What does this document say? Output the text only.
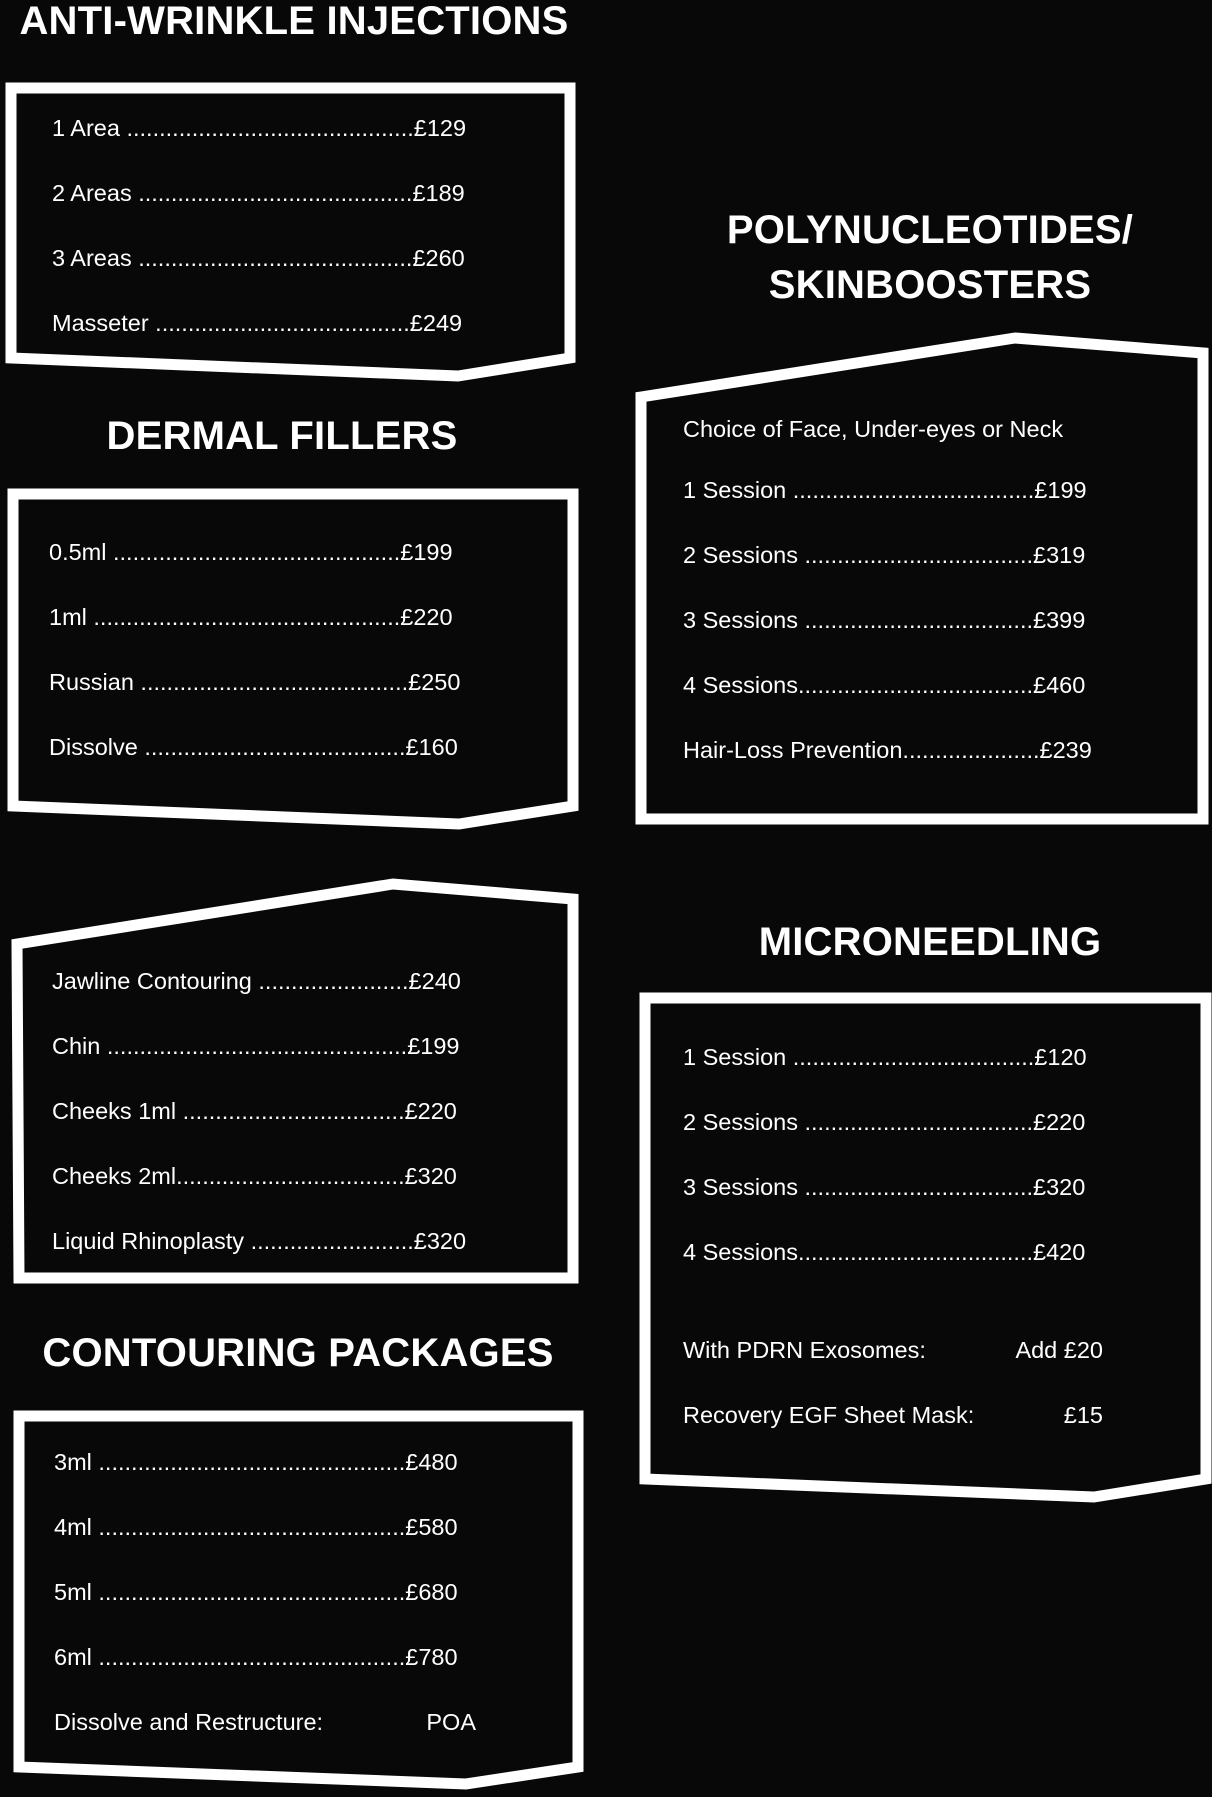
ANTI-WRINKLE INJECTIONS
1 Area ............................................£129
2 Areas ..........................................£189
3 Areas ..........................................£260
Masseter .......................................£249
DERMAL FILLERS
0.5ml ............................................£199
1ml ...............................................£220
Russian .........................................£250
Dissolve ........................................£160
Jawline Contouring .......................£240
Chin ..............................................£199
Cheeks 1ml ..................................£220
Cheeks 2ml...................................£320
Liquid Rhinoplasty .........................£320
CONTOURING PACKAGES
3ml ...............................................£480
4ml ...............................................£580
5ml ...............................................£680
6ml ...............................................£780
Dissolve and Restructure:	POA
POLYNUCLEOTIDES/
SKINBOOSTERS
Choice of Face, Under-eyes or Neck
1 Session .....................................£199
2 Sessions ...................................£319
3 Sessions ...................................£399
4 Sessions....................................£460
Hair-Loss Prevention.....................£239
MICRONEEDLING
1 Session .....................................£120
2 Sessions ...................................£220
3 Sessions ...................................£320
4 Sessions....................................£420
With PDRN Exosomes:	Add £20
Recovery EGF Sheet Mask:	£15
